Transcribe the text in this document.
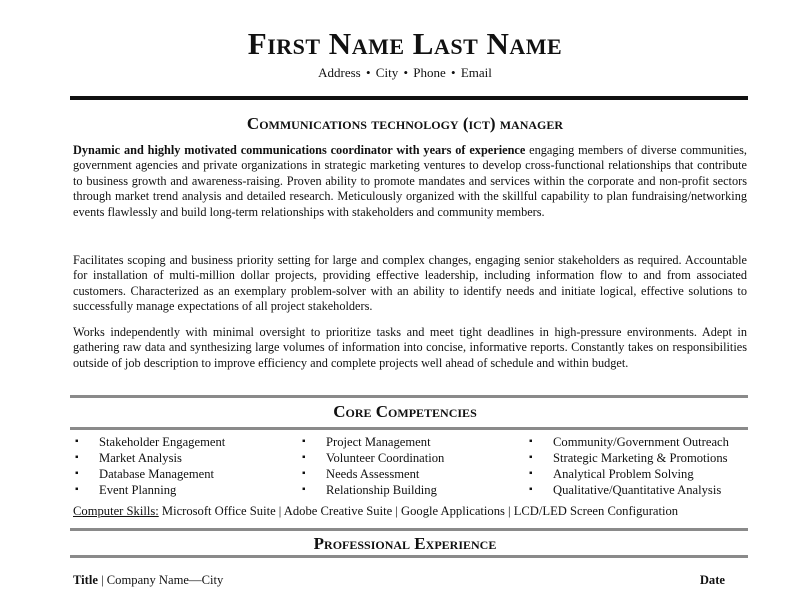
First Name Last Name
Address • City • Phone • Email
Communications technology (ict) manager

Dynamic and highly motivated communications coordinator with years of experience engaging members of diverse communities, government agencies and private organizations in strategic marketing ventures to develop cross-functional relationships that contribute to business growth and awareness-raising. Proven ability to promote mandates and services within the corporate and non-profit sectors through market trend analysis and detailed research. Meticulously organized with the skillful capability to plan fundraising/networking events flawlessly and build long-term relationships with stakeholders and community members.

Facilitates scoping and business priority setting for large and complex changes, engaging senior stakeholders as required. Accountable for installation of multi-million dollar projects, providing effective leadership, including information flow to and from associated customers. Characterized as an exemplary problem-solver with an ability to identify needs and initiate logical, effective solutions to successfully manage expectations of all project stakeholders.

Works independently with minimal oversight to prioritize tasks and meet tight deadlines in high-pressure environments. Adept in gathering raw data and synthesizing large volumes of information into concise, informative reports. Constantly takes on responsibilities outside of job description to improve efficiency and complete projects well ahead of schedule and within budget.

Core Competencies
▪ Stakeholder Engagement
▪ Market Analysis
▪ Database Management
▪ Event Planning
▪ Project Management
▪ Volunteer Coordination
▪ Needs Assessment
▪ Relationship Building
▪ Community/Government Outreach
▪ Strategic Marketing & Promotions
▪ Analytical Problem Solving
▪ Qualitative/Quantitative Analysis
Computer Skills: Microsoft Office Suite | Adobe Creative Suite | Google Applications | LCD/LED Screen Configuration
Professional Experience
Title | Company Name—City	Date
